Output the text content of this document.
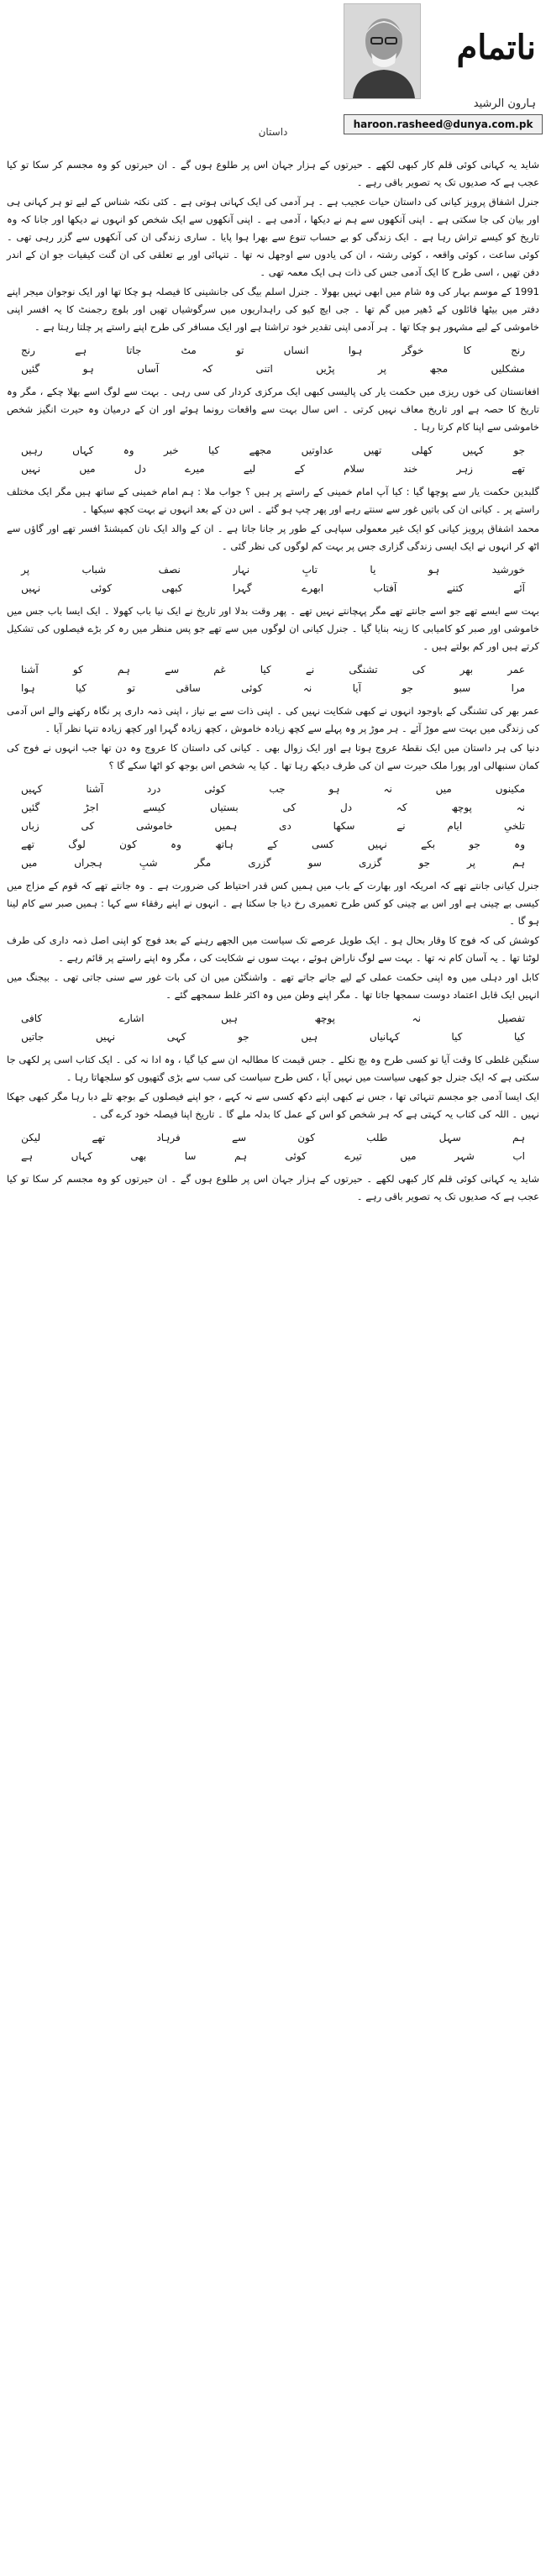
ناتمام
ہارون الرشید
haroon.rasheed@dunya.com.pk
داستان

شاید یہ کہانی کوئی قلم کار کبھی لکھے ۔ حیرتوں کے ہزار جہان اس پر طلوع ہوں گے ۔ ان حیرتوں کو وہ مجسم کر سکا تو کیا عجب ہے کہ صدیوں تک یہ تصویر باقی رہے ۔

جنرل اشفاق پرویز کیانی کی داستان حیات عجیب ہے ۔ ہر آدمی کی ایک کہانی ہوتی ہے ۔ کئی نکتہ شناس کے لیے تو ہر کہانی ہی اور بیان کی جا سکتی ہے ۔ اپنی آنکھوں سے ہم نے دیکھا ، آدمی ہے ۔ اپنی آنکھوں سے ایک شخص کو انہوں نے دیکھا اور جانا کہ وہ تاریخ کو کیسے تراش رہا ہے ۔ ایک زندگی کو بے حساب تنوع سے بھرا ہوا پایا ۔ ساری زندگی ان کی آنکھوں سے گزر رہی تھی ۔ کوئی ساعت ، کوئی واقعہ ، کوئی رشتہ ، ان کی یادوں سے اوجھل نہ تھا ۔ تنہائی اور بے تعلقی کی ان گنت کیفیات جو ان کے اندر دفن تھیں ، اسی طرح کا ایک آدمی جس کی ذات ہی ایک معمہ تھی ۔

1991 کے موسم بہار کی وہ شام میں ابھی نہیں بھولا ۔ جنرل اسلم بیگ کی جانشینی کا فیصلہ ہو چکا تھا اور ایک نوجوان میجر اپنے دفتر میں بیٹھا فائلوں کے ڈھیر میں گم تھا ۔ جی ایچ کیو کی راہداریوں میں سرگوشیاں تھیں اور بلوچ رجمنٹ کا یہ افسر اپنی خاموشی کے لیے مشہور ہو چکا تھا ۔ ہر آدمی اپنی تقدیر خود تراشتا ہے اور ایک مسافر کی طرح اپنے راستے پر چلتا رہتا ہے ۔

رنج
کا
خوگر
ہوا
انساں
تو
مٹ
جاتا
ہے
رنج
مشکلیں
مجھ
پر
پڑیں
اتنی
کہ
آساں
ہو
گئیں

افغانستان کی خوں ریزی میں حکمت یار کی پالیسی کبھی ایک مرکزی کردار کی سی رہی ۔ بہت سے لوگ اسے بھلا چکے ، مگر وہ تاریخ کا حصہ ہے اور تاریخ معاف نہیں کرتی ۔ اس سال بہت سے واقعات رونما ہوئے اور ان کے درمیان وہ حیرت انگیز شخص خاموشی سے اپنا کام کرتا رہا ۔

جو
کہیں
کھلی
تھیں
عداوتیں
مجھے
کیا
خبر
وہ
کہاں
رہیں
تھے
زہر
خند
سلام
کے
لیے
میرے
دل
میں
نہیں

گلبدین حکمت یار سے پوچھا گیا : کیا آپ امام خمینی کے راستے پر ہیں ؟ جواب ملا : ہم امام خمینی کے ساتھ ہیں مگر ایک مختلف راستے پر ۔ کیانی ان کی باتیں غور سے سنتے رہے اور پھر چپ ہو گئے ۔ اس دن کے بعد انہوں نے بہت کچھ سیکھا ۔

محمد اشفاق پرویز کیانی کو ایک غیر معمولی سپاہی کے طور پر جانا جاتا ہے ۔ ان کے والد ایک نان کمیشنڈ افسر تھے اور گاؤں سے اٹھ کر انہوں نے ایک ایسی زندگی گزاری جس پر بہت کم لوگوں کی نظر گئی ۔

خورشید
ہو
یا
تابِ
نہار
نصف
شباب
پر
آئے
کتنے
آفتاب
ابھرے
گہرا
کبھی
کوئی
نہیں

بہت سے ایسے تھے جو اسے جانتے تھے مگر پہچانتے نہیں تھے ۔ پھر وقت بدلا اور تاریخ نے ایک نیا باب کھولا ۔ ایک ایسا باب جس میں خاموشی اور صبر کو کامیابی کا زینہ بنایا گیا ۔ جنرل کیانی ان لوگوں میں سے تھے جو پس منظر میں رہ کر بڑے فیصلوں کی تشکیل کرتے ہیں اور کم بولتے ہیں ۔

عمر
بھر
کی
تشنگی
نے
کیا
غم
سے
ہم
کو
آشنا
مرا
سبو
جو
آیا
نہ
کوئی
ساقی
تو
کیا
ہوا

عمر بھر کی تشنگی کے باوجود انہوں نے کبھی شکایت نہیں کی ۔ اپنی ذات سے بے نیاز ، اپنی ذمہ داری پر نگاہ رکھنے والے اس آدمی کی زندگی میں بہت سے موڑ آئے ۔ ہر موڑ پر وہ پہلے سے کچھ زیادہ خاموش ، کچھ زیادہ گہرا اور کچھ زیادہ تنہا نظر آیا ۔

دنیا کی ہر داستان میں ایک نقطۂ عروج ہوتا ہے اور ایک زوال بھی ۔ کیانی کی داستان کا عروج وہ دن تھا جب انہوں نے فوج کی کمان سنبھالی اور پورا ملک حیرت سے ان کی طرف دیکھ رہا تھا ۔ کیا یہ شخص اس بوجھ کو اٹھا سکے گا ؟

مکینوں
میں
نہ
ہو
جب
کوئی
درد
آشنا
کہیں
نہ
پوچھ
کہ
دل
کی
بستیاں
کیسے
اجڑ
گئیں
تلخیِ
ایام
نے
سکھا
دی
ہمیں
خاموشی
کی
زباں
وہ
جو
بکے
نہیں
کسی
کے
ہاتھ
وہ
کون
لوگ
تھے
ہم
پر
جو
گزری
سو
گزری
مگر
شبِ
ہجراں
میں

جنرل کیانی جانتے تھے کہ امریکہ اور بھارت کے باب میں ہمیں کس قدر احتیاط کی ضرورت ہے ۔ وہ جانتے تھے کہ قوم کے مزاج میں کیسی بے چینی ہے اور اس بے چینی کو کس طرح تعمیری رخ دیا جا سکتا ہے ۔ انہوں نے اپنے رفقاء سے کہا : ہمیں صبر سے کام لینا ہو گا ۔

کوشش کی کہ فوج کا وقار بحال ہو ۔ ایک طویل عرصے تک سیاست میں الجھے رہنے کے بعد فوج کو اپنی اصل ذمہ داری کی طرف لوٹنا تھا ۔ یہ آسان کام نہ تھا ۔ بہت سے لوگ ناراض ہوئے ، بہت سوں نے شکایت کی ، مگر وہ اپنے راستے پر قائم رہے ۔

کابل اور دہلی میں وہ اپنی حکمت عملی کے لیے جانے جاتے تھے ۔ واشنگٹن میں ان کی بات غور سے سنی جاتی تھی ۔ بیجنگ میں انہیں ایک قابل اعتماد دوست سمجھا جاتا تھا ۔ مگر اپنے وطن میں وہ اکثر غلط سمجھے گئے ۔

تفصیل
نہ
پوچھ
ہیں
اشارے
کافی
کیا
کیا
کہانیاں
ہیں
جو
کہی
نہیں
جاتیں

سنگین غلطی کا وقت آیا تو کسی طرح وہ بچ نکلے ۔ جس قیمت کا مطالبہ ان سے کیا گیا ، وہ ادا نہ کی ۔ ایک کتاب اسی پر لکھی جا سکتی ہے کہ ایک جنرل جو کبھی سیاست میں نہیں آیا ، کس طرح سیاست کی سب سے بڑی گتھیوں کو سلجھاتا رہا ۔

ایک ایسا آدمی جو مجسم تنہائی تھا ، جس نے کبھی اپنے دکھ کسی سے نہ کہے ، جو اپنے فیصلوں کے بوجھ تلے دبا رہا مگر کبھی جھکا نہیں ۔ اللہ کی کتاب یہ کہتی ہے کہ ہر شخص کو اس کے عمل کا بدلہ ملے گا ۔ تاریخ اپنا فیصلہ خود کرے گی ۔

ہم
سہل
طلب
کون
سے
فرہاد
تھے
لیکن
اب
شہر
میں
تیرے
کوئی
ہم
سا
بھی
کہاں
ہے

شاید یہ کہانی کوئی قلم کار کبھی لکھے ۔ حیرتوں کے ہزار جہان اس پر طلوع ہوں گے ۔ ان حیرتوں کو وہ مجسم کر سکا تو کیا عجب ہے کہ صدیوں تک یہ تصویر باقی رہے ۔
